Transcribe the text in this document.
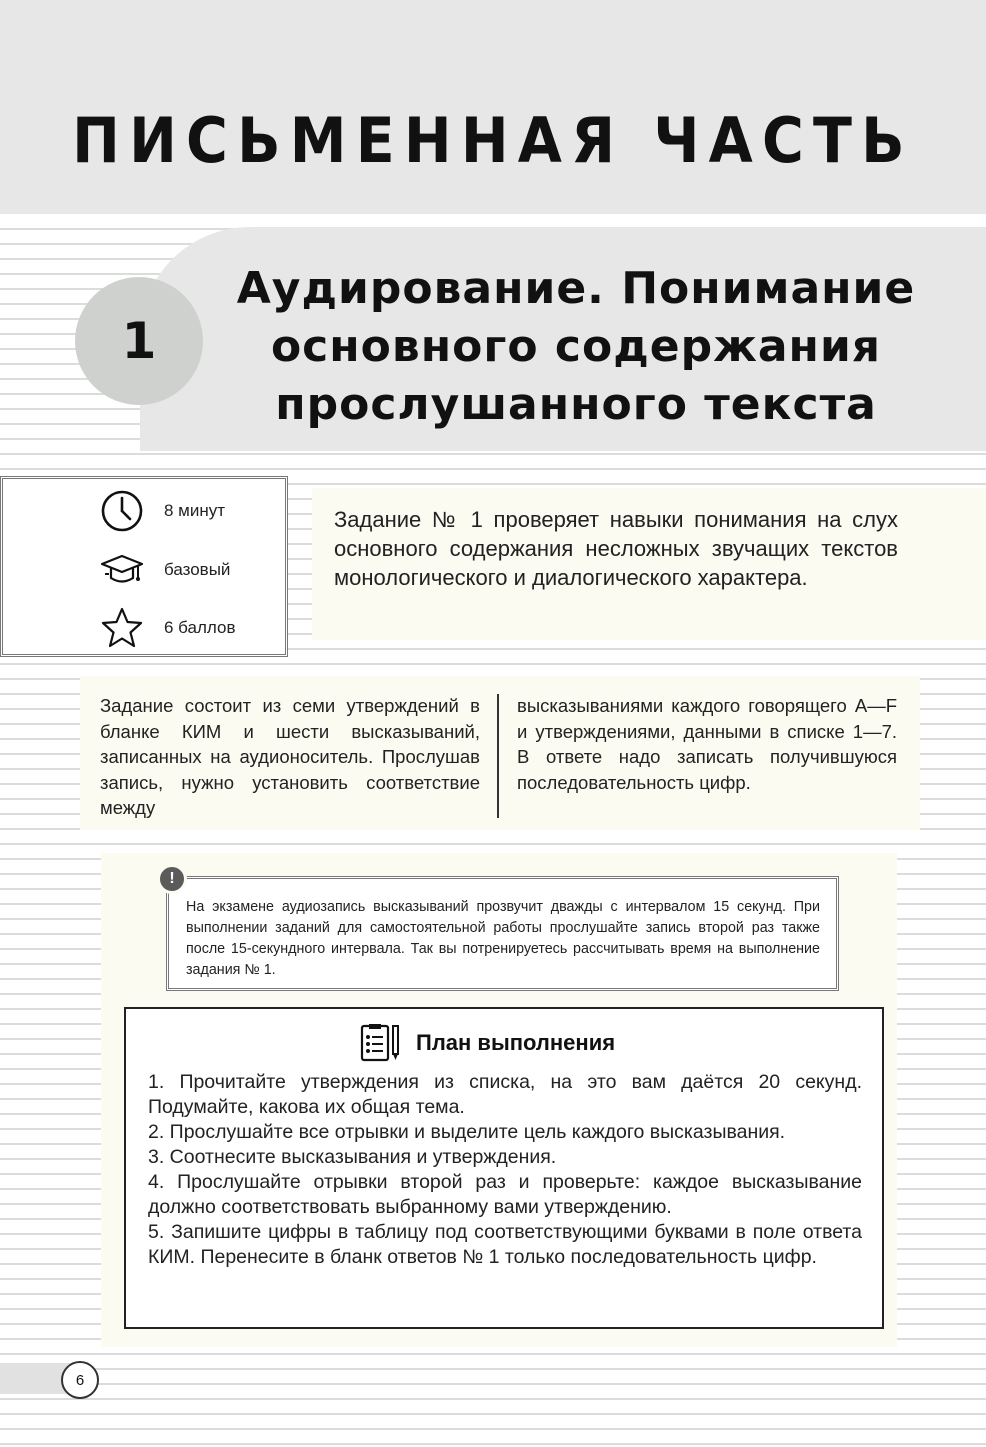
ПИСЬМЕННАЯ ЧАСТЬ
1
Аудирование. Понимание
основного содержания
прослушанного текста
8 минут
базовый
6 баллов
Задание № 1 проверяет навыки понимания на слух основного содержания несложных звучащих текстов монологического и диалогического характера.
Задание состоит из семи утверждений в бланке КИМ и шести высказываний, записанных на аудионоситель. Прослушав запись, нужно установить соответствие между
высказываниями каждого говорящего A—F и утверждениями, данными в списке 1—7. В ответе надо записать получившуюся последовательность цифр.
!
На экзамене аудиозапись высказываний прозвучит дважды с интервалом 15 секунд. При выполнении заданий для самостоятельной работы прослушайте запись второй раз также после 15-секундного интервала. Так вы потренируетесь рассчитывать время на выполнение задания № 1.
План выполнения

1. Прочитайте утверждения из списка, на это вам даётся 20 секунд. Подумайте, какова их общая тема.

2. Прослушайте все отрывки и выделите цель каждого высказывания.

3. Соотнесите высказывания и утверждения.

4. Прослушайте отрывки второй раз и проверьте: каждое высказывание должно соответствовать выбранному вами утверждению.

5. Запишите цифры в таблицу под соответствующими буквами в поле ответа КИМ. Перенесите в бланк ответов № 1 только последовательность цифр.

6
